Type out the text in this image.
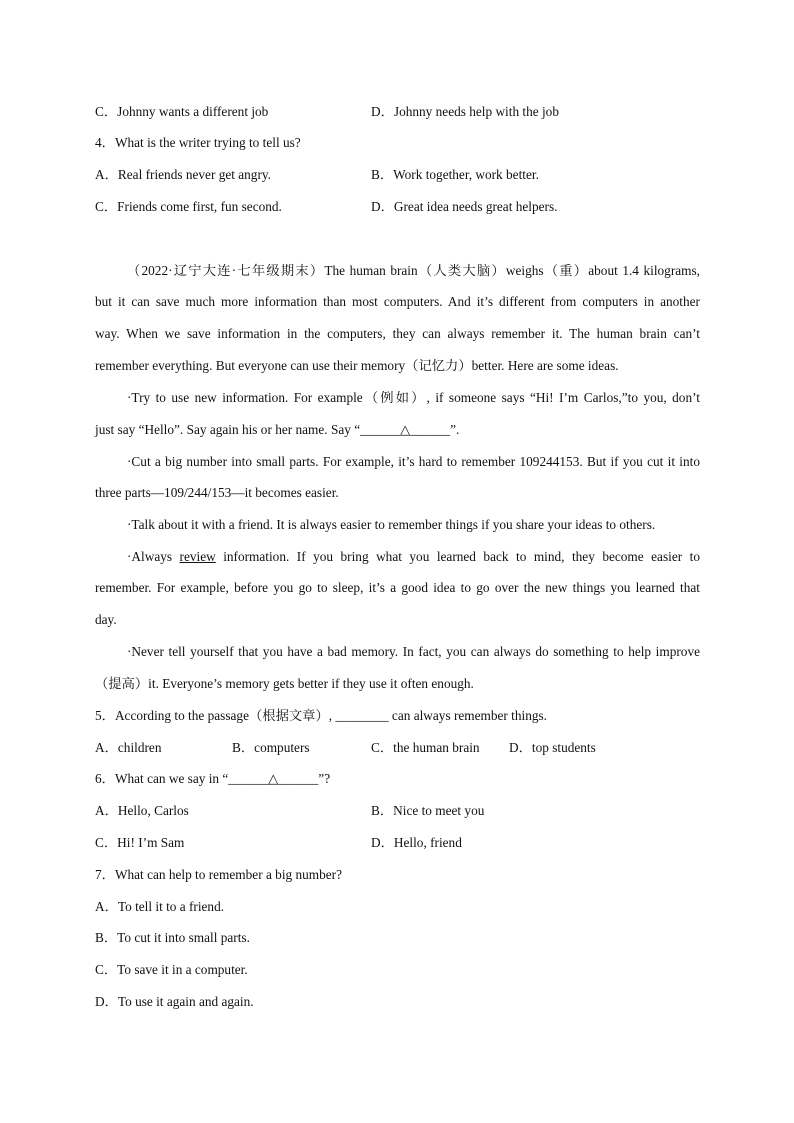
C．Johnny wants a different job	D．Johnny needs help with the job
4．What is the writer trying to tell us?
A．Real friends never get angry.	B．Work together, work better.
C．Friends come first, fun second.	D．Great idea needs great helpers.
（2022·辽宁大连·七年级期末）The human brain（人类大脑）weighs（重）about 1.4 kilograms,
but it can save much more information than most computers. And it’s different from computers in another
way. When we save information in the computers, they can always remember it. The human brain can’t
remember everything. But everyone can use their memory（记忆力）better. Here are some ideas.
·Try to use new information. For example（例如）, if someone says “Hi! I’m Carlos,”to you, don’t
just say “Hello”. Say again his or her name. Say “______△______”.
·Cut a big number into small parts. For example, it’s hard to remember 109244153. But if you cut it into
three parts—109/244/153—it becomes easier.
·Talk about it with a friend. It is always easier to remember things if you share your ideas to others.
·Always review information. If you bring what you learned back to mind, they become easier to
remember. For example, before you go to sleep, it’s a good idea to go over the new things you learned that
day.
·Never tell yourself that you have a bad memory. In fact, you can always do something to help improve
（提高）it. Everyone’s memory gets better if they use it often enough.
5．According to the passage（根据文章）, ________ can always remember things.
A．children	B．computers	C．the human brain D．top students
6．What can we say in “______△______”?
A．Hello, Carlos	B．Nice to meet you
C．Hi! I’m Sam	D．Hello, friend
7．What can help to remember a big number?
A．To tell it to a friend.
B．To cut it into small parts.
C．To save it in a computer.
D．To use it again and again.
